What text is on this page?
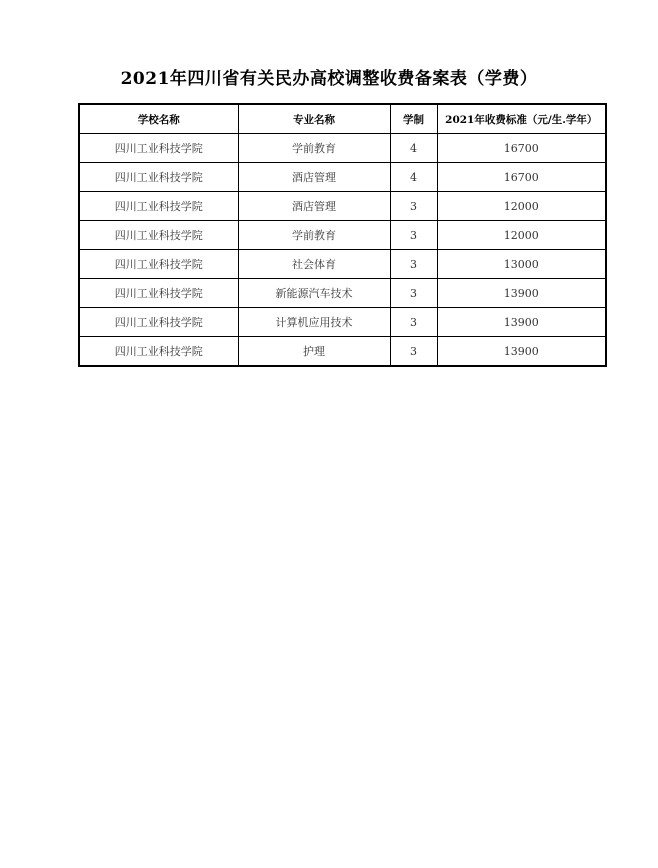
2021年四川省有关民办高校调整收费备案表（学费）
学校名称	专业名称	学制	2021年收费标准（元/生.学年）
四川工业科技学院	学前教育	4	16700
四川工业科技学院	酒店管理	4	16700
四川工业科技学院	酒店管理	3	12000
四川工业科技学院	学前教育	3	12000
四川工业科技学院	社会体育	3	13000
四川工业科技学院	新能源汽车技术	3	13900
四川工业科技学院	计算机应用技术	3	13900
四川工业科技学院	护理	3	13900
